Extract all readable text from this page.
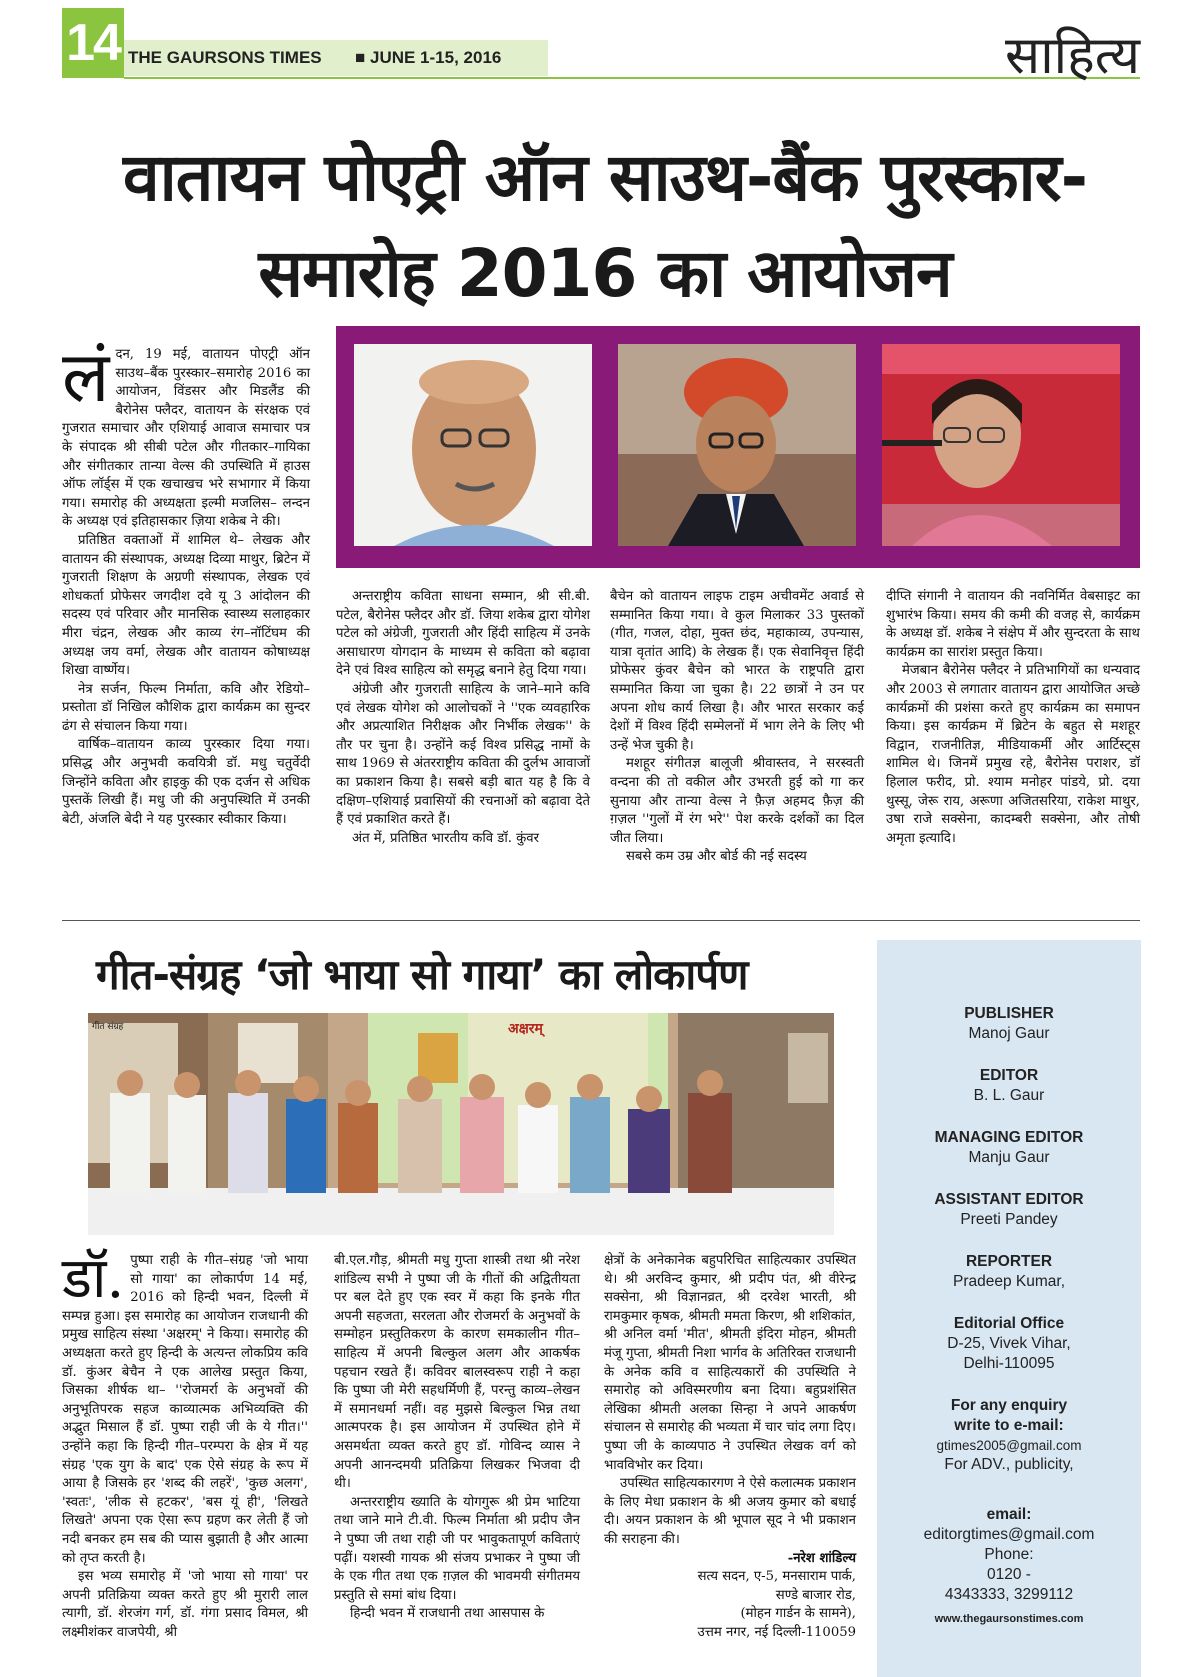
14 THE GAURSONS TIMES ■ JUNE 1-15, 2016	साहित्य
वातायन पोएट्री ऑन साउथ-बैंक पुरस्कार-
समारोह 2016 का आयोजन
लं दन, 19 मई, वातायन पोएट्री ऑन साउथ–बैंक पुरस्कार–समारोह 2016 का आयोजन, विंडसर और मिडलैंड की बैरोनेस फ्लैदर, वातायन के संरक्षक एवं गुजरात समाचार और एशियाई आवाज समाचार पत्र के संपादक श्री सीबी पटेल और गीतकार–गायिका और संगीतकार तान्या वेल्स की उपस्थिति में हाउस ऑफ लॉर्ड्स में एक खचाखच भरे सभागार में किया गया। समारोह की अध्यक्षता इल्मी मजलिस– लन्दन के अध्यक्ष एवं इतिहासकार ज़िया शकेब ने की।

प्रतिष्ठित वक्ताओं में शामिल थे– लेखक और वातायन की संस्थापक, अध्यक्ष दिव्या माथुर, ब्रिटेन में गुजराती शिक्षण के अग्रणी संस्थापक, लेखक एवं शोधकर्ता प्रोफेसर जगदीश दवे यू 3 आंदोलन की सदस्य एवं परिवार और मानसिक स्वास्थ्य सलाहकार मीरा चंद्रन, लेखक और काव्य रंग–नॉटिंघम की अध्यक्ष जय वर्मा, लेखक और वातायन कोषाध्यक्ष शिखा वार्ष्णेय।

नेत्र सर्जन, फिल्म निर्माता, कवि और रेडियो–प्रस्तोता डॉ निखिल कौशिक द्वारा कार्यक्रम का सुन्दर ढंग से संचालन किया गया।

वार्षिक–वातायन काव्य पुरस्कार दिया गया। प्रसिद्ध और अनुभवी कवयित्री डॉ. मधु चतुर्वेदी जिन्होंने कविता और हाइकु की एक दर्जन से अधिक पुस्तकें लिखी हैं। मधु जी की अनुपस्थिति में उनकी बेटी, अंजलि बेदी ने यह पुरस्कार स्वीकार किया।

अन्तराष्ट्रीय कविता साधना सम्मान, श्री सी.बी. पटेल, बैरोनेस फ्लैदर और डॉ. जिया शकेब द्वारा योगेश पटेल को अंग्रेजी, गुजराती और हिंदी साहित्य में उनके असाधारण योगदान के माध्यम से कविता को बढ़ावा देने एवं विश्व साहित्य को समृद्ध बनाने हेतु दिया गया।

अंग्रेजी और गुजराती साहित्य के जाने–माने कवि एवं लेखक योगेश को आलोचकों ने ''एक व्यवहारिक और अप्रत्याशित निरीक्षक और निर्भीक लेखक'' के तौर पर चुना है। उन्होंने कई विश्व प्रसिद्ध नामों के साथ 1969 से अंतरराष्ट्रीय कविता की दुर्लभ आवाजों का प्रकाशन किया है। सबसे बड़ी बात यह है कि वे दक्षिण–एशियाई प्रवासियों की रचनाओं को बढ़ावा देते हैं एवं प्रकाशित करते हैं।

अंत में, प्रतिष्ठित भारतीय कवि डॉ. कुंवर

बैचेन को वातायन लाइफ टाइम अचीवमेंट अवार्ड से सम्मानित किया गया। वे कुल मिलाकर 33 पुस्तकों (गीत, गजल, दोहा, मुक्त छंद, महाकाव्य, उपन्यास, यात्रा वृतांत आदि) के लेखक हैं। एक सेवानिवृत्त हिंदी प्रोफेसर कुंवर बैचेन को भारत के राष्ट्रपति द्वारा सम्मानित किया जा चुका है। 22 छात्रों ने उन पर अपना शोध कार्य लिखा है। और भारत सरकार कई देशों में विश्व हिंदी सम्मेलनों में भाग लेने के लिए भी उन्हें भेज चुकी है।

मशहूर संगीतज्ञ बालूजी श्रीवास्तव, ने सरस्वती वन्दना की तो वकील और उभरती हुई को गा कर सुनाया और तान्या वेल्स ने फ़ैज़ अहमद फ़ैज़ की ग़ज़ल ''गुलों में रंग भरे'' पेश करके दर्शकों का दिल जीत लिया।

सबसे कम उम्र और बोर्ड की नई सदस्य

दीप्ति संगानी ने वातायन की नवनिर्मित वेबसाइट का शुभारंभ किया। समय की कमी की वजह से, कार्यक्रम के अध्यक्ष डॉ. शकेब ने संक्षेप में और सुन्दरता के साथ कार्यक्रम का सारांश प्रस्तुत किया।

मेजबान बैरोनेस फ्लैदर ने प्रतिभागियों का धन्यवाद और 2003 से लगातार वातायन द्वारा आयोजित अच्छे कार्यक्रमों की प्रशंसा करते हुए कार्यक्रम का समापन किया। इस कार्यक्रम में ब्रिटेन के बहुत से मशहूर विद्वान, राजनीतिज्ञ, मीडियाकर्मी और आर्टिस्ट्स शामिल थे। जिनमें प्रमुख रहे, बैरोनेस पराशर, डॉ हिलाल फरीद, प्रो. श्याम मनोहर पांडये, प्रो. दया थुस्सू, जेरू राय, अरूणा अजितसरिया, राकेश माथुर, उषा राजे सक्सेना, कादम्बरी सक्सेना, और तोषी अमृता इत्यादि।

गीत-संग्रह ‘जो भाया सो गाया’ का लोकार्पण
अक्षरम्
गीत संग्रह
डॉ. पुष्पा राही के गीत–संग्रह 'जो भाया सो गाया' का लोकार्पण 14 मई, 2016 को हिन्दी भवन, दिल्ली में सम्पन्न हुआ। इस समारोह का आयोजन राजधानी की प्रमुख साहित्य संस्था 'अक्षरम्' ने किया। समारोह की अध्यक्षता करते हुए हिन्दी के अत्यन्त लोकप्रिय कवि डॉ. कुंअर बेचैन ने एक आलेख प्रस्तुत किया, जिसका शीर्षक था– ''रोजमर्रा के अनुभवों की अनुभूतिपरक सहज काव्यात्मक अभिव्यक्ति की अद्भुत मिसाल हैं डॉ. पुष्पा राही जी के ये गीत।'' उन्होंने कहा कि हिन्दी गीत–परम्परा के क्षेत्र में यह संग्रह 'एक युग के बाद' एक ऐसे संग्रह के रूप में आया है जिसके हर 'शब्द की लहरें', 'कुछ अलग', 'स्वतः', 'लीक से हटकर', 'बस यूं ही', 'लिखते लिखते' अपना एक ऐसा रूप ग्रहण कर लेती हैं जो नदी बनकर हम सब की प्यास बुझाती है और आत्मा को तृप्त करती है।

इस भव्य समारोह में 'जो भाया सो गाया' पर अपनी प्रतिक्रिया व्यक्त करते हुए श्री मुरारी लाल त्यागी, डॉ. शेरजंग गर्ग, डॉ. गंगा प्रसाद विमल, श्री लक्ष्मीशंकर वाजपेयी, श्री

बी.एल.गौड़, श्रीमती मधु गुप्ता शास्त्री तथा श्री नरेश शांडिल्य सभी ने पुष्पा जी के गीतों की अद्वितीयता पर बल देते हुए एक स्वर में कहा कि इनके गीत अपनी सहजता, सरलता और रोजमर्रा के अनुभवों के सम्मोहन प्रस्तुतिकरण के कारण समकालीन गीत–साहित्य में अपनी बिल्कुल अलग और आकर्षक पहचान रखते हैं। कविवर बालस्वरूप राही ने कहा कि पुष्पा जी मेरी सहधर्मिणी हैं, परन्तु काव्य–लेखन में समानधर्मा नहीं। वह मुझसे बिल्कुल भिन्न तथा आत्मपरक है। इस आयोजन में उपस्थित होने में असमर्थता व्यक्त करते हुए डॉ. गोविन्द व्यास ने अपनी आनन्दमयी प्रतिक्रिया लिखकर भिजवा दी थी।

अन्तरराष्ट्रीय ख्याति के योगगुरू श्री प्रेम भाटिया तथा जाने माने टी.वी. फिल्म निर्माता श्री प्रदीप जैन ने पुष्पा जी तथा राही जी पर भावुकतापूर्ण कविताएं पढ़ीं। यशस्वी गायक श्री संजय प्रभाकर ने पुष्पा जी के एक गीत तथा एक ग़ज़ल की भावमयी संगीतमय प्रस्तुति से समां बांध दिया।

हिन्दी भवन में राजधानी तथा आसपास के

क्षेत्रों के अनेकानेक बहुपरिचित साहित्यकार उपस्थित थे। श्री अरविन्द कुमार, श्री प्रदीप पंत, श्री वीरेन्द्र सक्सेना, श्री विज्ञानव्रत, श्री दरवेश भारती, श्री रामकुमार कृषक, श्रीमती ममता किरण, श्री शशिकांत, श्री अनिल वर्मा 'मीत', श्रीमती इंदिरा मोहन, श्रीमती मंजू गुप्ता, श्रीमती निशा भार्गव के अतिरिक्त राजधानी के अनेक कवि व साहित्यकारों की उपस्थिति ने समारोह को अविस्मरणीय बना दिया। बहुप्रशंसित लेखिका श्रीमती अलका सिन्हा ने अपने आकर्षण संचालन से समारोह की भव्यता में चार चांद लगा दिए। पुष्पा जी के काव्यपाठ ने उपस्थित लेखक वर्ग को भावविभोर कर दिया।

उपस्थित साहित्यकारगण ने ऐसे कलात्मक प्रकाशन के लिए मेधा प्रकाशन के श्री अजय कुमार को बधाई दी। अयन प्रकाशन के श्री भूपाल सूद ने भी प्रकाशन की सराहना की।

-नरेश शांडिल्य
सत्य सदन, ए-5, मनसाराम पार्क,
सण्डे बाजार रोड,
(मोहन गार्डन के सामने),
उत्तम नगर, नई दिल्ली-110059
PUBLISHER
Manoj Gaur
EDITOR
B. L. Gaur
MANAGING EDITOR
Manju Gaur
ASSISTANT EDITOR
Preeti Pandey
REPORTER
Pradeep Kumar,
Editorial Office
D-25, Vivek Vihar,
Delhi-110095
For any enquiry
write to e-mail:
gtimes2005@gmail.com
For ADV., publicity,
email:
editorgtimes@gmail.com
Phone:
0120 -
4343333, 3299112
www.thegaursonstimes.com
